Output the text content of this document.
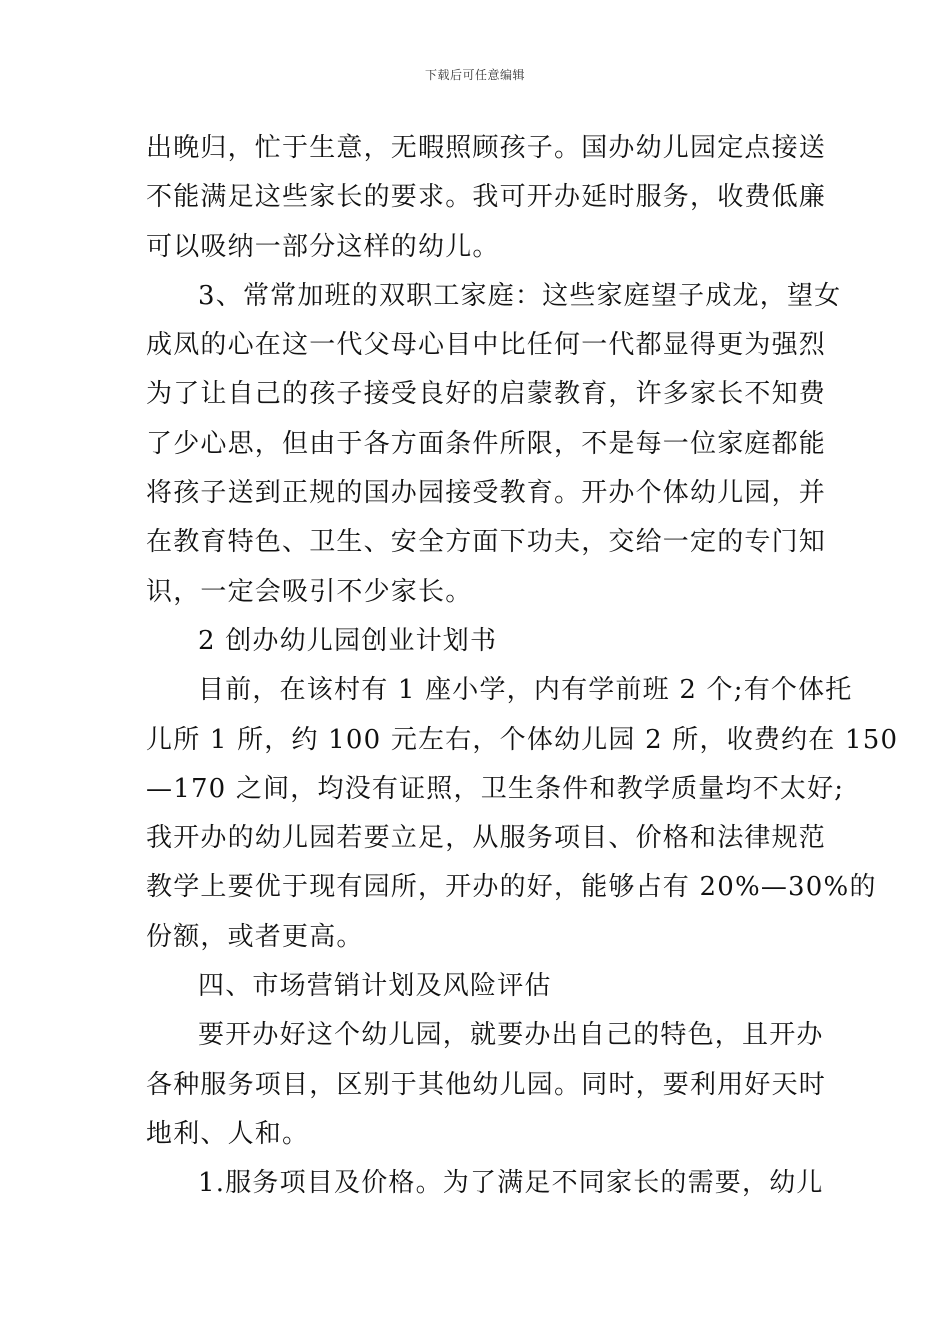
下载后可任意编辑
出晚归，忙于生意，无暇照顾孩子。国办幼儿园定点接送
不能满足这些家长的要求。我可开办延时服务，收费低廉
可以吸纳一部分这样的幼儿。
3、常常加班的双职工家庭：这些家庭望子成龙，望女
成凤的心在这一代父母心目中比任何一代都显得更为强烈
为了让自己的孩子接受良好的启蒙教育，许多家长不知费
了少心思，但由于各方面条件所限，不是每一位家庭都能
将孩子送到正规的国办园接受教育。开办个体幼儿园，并
在教育特色、卫生、安全方面下功夫，交给一定的专门知
识，一定会吸引不少家长。
2 创办幼儿园创业计划书
目前，在该村有 1 座小学，内有学前班 2 个;有个体托
儿所 1 所，约 100 元左右，个体幼儿园 2 所，收费约在 150
—170 之间，均没有证照，卫生条件和教学质量均不太好;
我开办的幼儿园若要立足，从服务项目、价格和法律规范
教学上要优于现有园所，开办的好，能够占有 20%—30%的
份额，或者更高。
四、市场营销计划及风险评估
要开办好这个幼儿园，就要办出自己的特色，且开办
各种服务项目，区别于其他幼儿园。同时，要利用好天时
地利、人和。
1.服务项目及价格。为了满足不同家长的需要，幼儿
